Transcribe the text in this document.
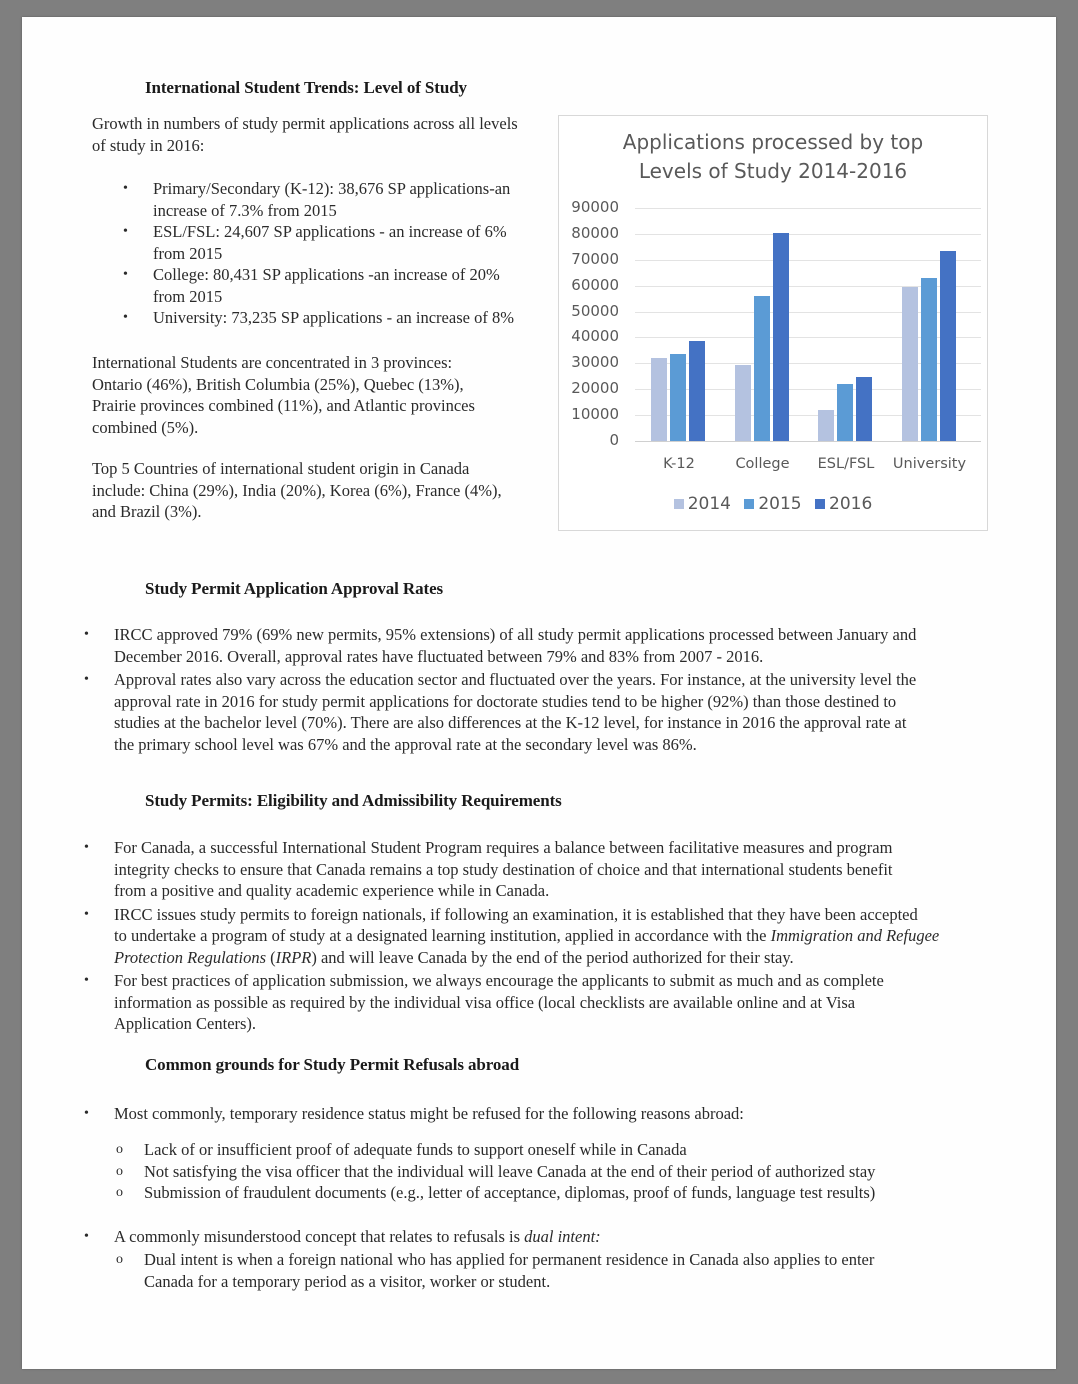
International Student Trends: Level of Study
Growth in numbers of study permit applications across all levels of study in 2016:
• Primary/Secondary (K-12): 38,676 SP applications-an
increase of 7.3% from 2015
• ESL/FSL: 24,607 SP applications - an increase of 6%
from 2015
• College: 80,431 SP applications -an increase of 20%
from 2015
• University: 73,235 SP applications - an increase of 8%
International Students are concentrated in 3 provinces:
Ontario (46%), British Columbia (25%), Quebec (13%),
Prairie provinces combined (11%), and Atlantic provinces
combined (5%).
Top 5 Countries of international student origin in Canada
include: China (29%), India (20%), Korea (6%), France (4%),
and Brazil (3%).
Applications processed by top
Levels of Study 2014-2016
90000
80000
70000
60000
50000
40000
30000
20000
10000
0
K-12	College	ESL/FSL	University
2014 2015 2016
Study Permit Application Approval Rates
• IRCC approved 79% (69% new permits, 95% extensions) of all study permit applications processed between January and
December 2016. Overall, approval rates have fluctuated between 79% and 83% from 2007 - 2016.
• Approval rates also vary across the education sector and fluctuated over the years. For instance, at the university level the
approval rate in 2016 for study permit applications for doctorate studies tend to be higher (92%) than those destined to
studies at the bachelor level (70%). There are also differences at the K-12 level, for instance in 2016 the approval rate at
the primary school level was 67% and the approval rate at the secondary level was 86%.
Study Permits: Eligibility and Admissibility Requirements
• For Canada, a successful International Student Program requires a balance between facilitative measures and program
integrity checks to ensure that Canada remains a top study destination of choice and that international students benefit
from a positive and quality academic experience while in Canada.
• IRCC issues study permits to foreign nationals, if following an examination, it is established that they have been accepted
to undertake a program of study at a designated learning institution, applied in accordance with the Immigration and Refugee
Protection Regulations (IRPR) and will leave Canada by the end of the period authorized for their stay.
• For best practices of application submission, we always encourage the applicants to submit as much and as complete
information as possible as required by the individual visa office (local checklists are available online and at Visa
Application Centers).
Common grounds for Study Permit Refusals abroad
• Most commonly, temporary residence status might be refused for the following reasons abroad:
o Lack of or insufficient proof of adequate funds to support oneself while in Canada
o Not satisfying the visa officer that the individual will leave Canada at the end of their period of authorized stay
o Submission of fraudulent documents (e.g., letter of acceptance, diplomas, proof of funds, language test results)
• A commonly misunderstood concept that relates to refusals is dual intent:
o Dual intent is when a foreign national who has applied for permanent residence in Canada also applies to enter
Canada for a temporary period as a visitor, worker or student.
